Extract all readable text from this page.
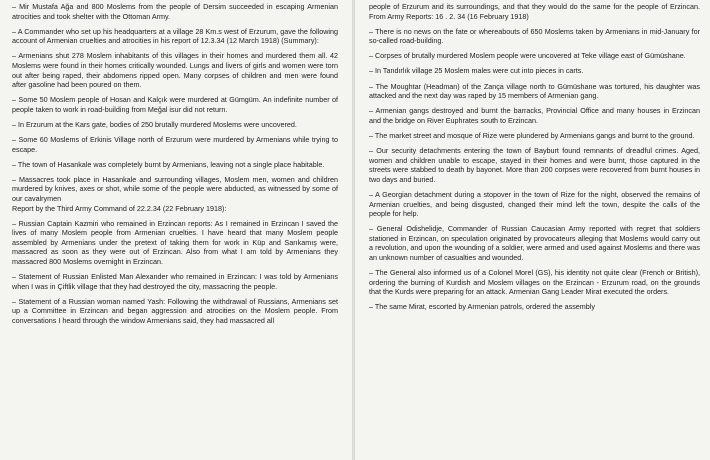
– Mir Mustafa Ağa and 800 Moslems from the people of Dersim succeeded in escaping Armenian atrocities and took shelter with the Ottoman Army.

– A Commander who set up his headquarters at a village 28 Km.s west of Erzurum, gave the following account of Armenian cruelties and atrocities in his report of 12.3.34 (12 March 1918) (Summary):

– Armenians shut 278 Moslem inhabitants of this villages in their homes and murdered them all. 42 Moslems were found in their homes critically wounded. Lungs and livers of girls and women were torn out after being raped, their abdomens ripped open. Many corpses of children and men were found after gasoline had been poured on them.

– Some 50 Moslem people of Hosan and Kalçık were murdered at Gümgüm. An indefinite number of people taken to work in road-building from Meğal isur did not return.

– In Erzurum at the Kars gate, bodies of 250 brutally murdered Moslems were uncovered.

– Some 60 Moslems of Erkinis Village north of Erzurum were murdered by Armenians while trying to escape.

– The town of Hasankale was completely burnt by Armenians, leaving not a single place habitable.

– Massacres took place in Hasankale and surrounding villages, Moslem men, women and children murdered by knives, axes or shot, while some of the people were abducted, as witnessed by some of our cavalrymen
Report by the Third Army Command of 22.2.34 (22 February 1918):

– Russian Captain Kazmiri who remained in Erzincan reports: As I remained in Erzincan I saved the lives of many Moslem people from Armenian cruelties. I have heard that many Moslem people assembled by Armenians under the pretext of taking them for work in Küp and Sarıkamış were, massacred as soon as they were out of Erzincan. Also from what I am told by Armenians they massacred 800 Moslems overnight in Erzincan.

– Statement of Russian Enlisted Man Alexander who remained in Erzincan: I was told by Armenians when I was in Çiftlik village that they had destroyed the city, massacring the people.

– Statement of a Russian woman named Yash: Following the withdrawal of Russians, Armenians set up a Committee in Erzincan and began aggression and atrocities on the Moslem people. From conversations I heard through the window Armenians said, they had massacred all

people of Erzurum and its surroundings, and that they would do the same for the people of Erzincan. From Army Reports: 16 . 2. 34 (16 February 1918)

– There is no news on the fate or whereabouts of 650 Moslems taken by Armenians in mid-January for so-called road-building.

– Corpses of brutally murdered Moslem people were uncovered at Teke village east of Gümüshane.

– In Tandırlık village 25 Moslem males were cut into pieces in carts.

– The Moughtar (Headman) of the Zança village north to Gümüshane was tortured, his daughter was attacked and the next day was raped by 15 members of Armenian gang.

– Armenian gangs destroyed and burnt the barracks, Provincial Office and many houses in Erzincan and the bridge on River Euphrates south to Erzincan.

– The market street and mosque of Rize were plundered by Armenians gangs and burnt to the ground.

– Our security detachments entering the town of Bayburt found remnants of dreadful crimes. Aged, women and children unable to escape, stayed in their homes and were burnt, those captured in the streets were stabbed to death by bayonet. More than 200 corpses were recovered from burnt houses in two days and buried.

– A Georgian detachment during a stopover in the town of Rize for the night, observed the remains of Armenian cruelties, and being disgusted, changed their mind left the town, despite the calls of the people for help.

– General Odishelidje, Commander of Russian Caucasian Army reported with regret that soldiers stationed in Erzincan, on speculation originated by provocateurs alleging that Moslems would carry out a revolution, and upon the wounding of a soldier, were armed and used against Moslems and there was an unknown number of casualties and wounded.

– The General also informed us of a Colonel Morel (GS), his identity not quite clear (French or British), ordering the burning of Kurdish and Moslem villages on the Erzincan - Erzurum road, on the grounds that the Kurds were preparing for an attack. Armenian Gang Leader Mirat executed the orders.

– The same Mirat, escorted by Armenian patrols, ordered the assembly
